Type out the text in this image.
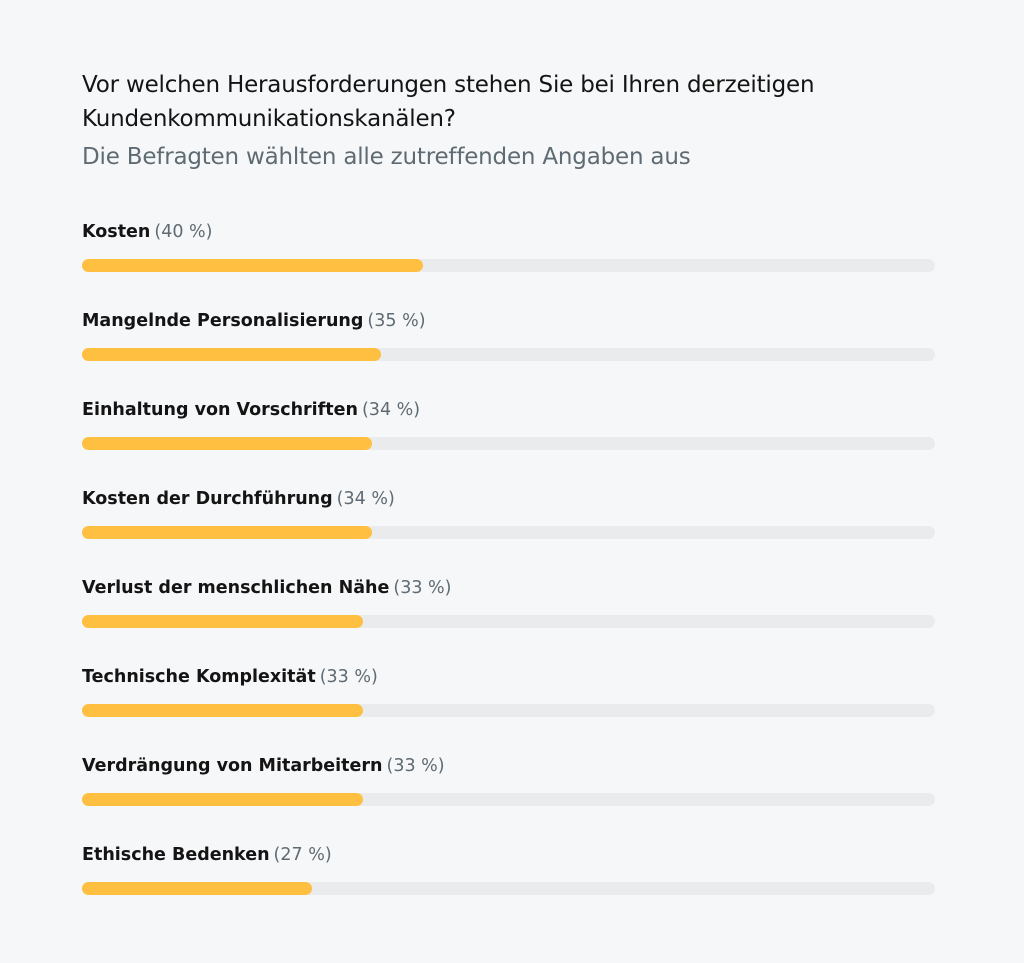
Vor welchen Herausforderungen stehen Sie bei Ihren derzeitigen Kundenkommunikationskanälen?

Die Befragten wählten alle zutreffenden Angaben aus

Kosten (40 %)
Mangelnde Personalisierung (35 %)
Einhaltung von Vorschriften (34 %)
Kosten der Durchführung (34 %)
Verlust der menschlichen Nähe (33 %)
Technische Komplexität (33 %)
Verdrängung von Mitarbeitern (33 %)
Ethische Bedenken (27 %)
